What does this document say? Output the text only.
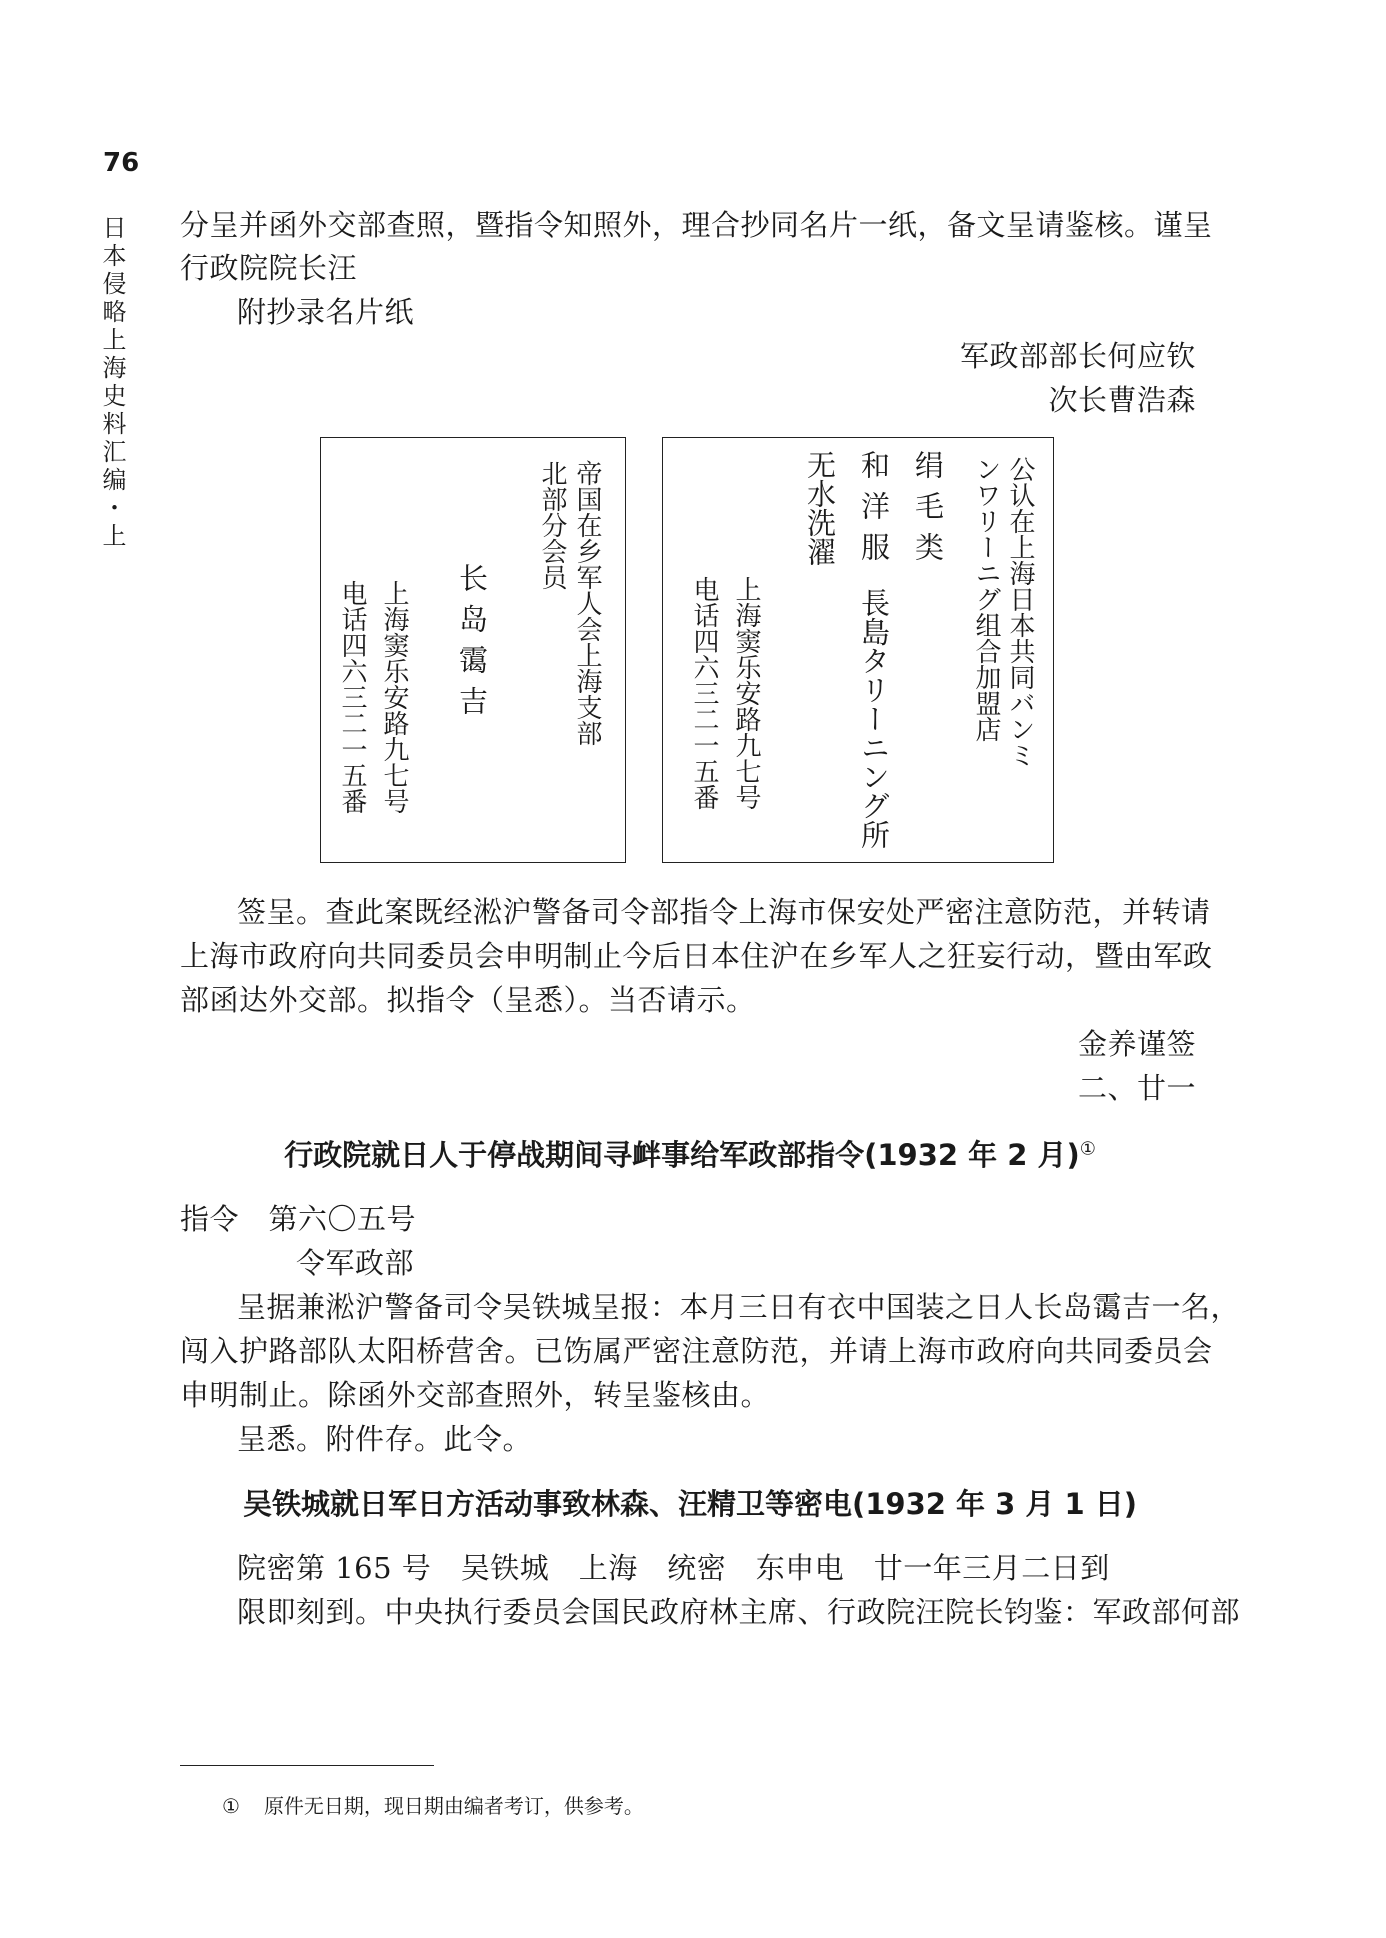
76
日本侵略上海史料汇编・上 分呈并函外交部查照，暨指令知照外，理合抄同名片一纸，备文呈请鉴核。谨呈
行政院院长汪
附抄录名片纸
军政部部长何应钦
次长曹浩森
帝国在乡军人会上海支部
北部分会员
长岛霭吉
上海窦乐安路九七号
电话四六三二一五番	公认在上海日本共同バンミ
ンワリーニグ组合加盟店
绢毛类
和洋服
長島タリーニング所
无水洗濯
上海窦乐安路九七号
电话四六三二一五番
签呈。查此案既经淞沪警备司令部指令上海市保安处严密注意防范，并转请
上海市政府向共同委员会申明制止今后日本住沪在乡军人之狂妄行动，暨由军政
部函达外交部。拟指令（呈悉）。当否请示。
金养谨签
二、廿一
行政院就日人于停战期间寻衅事给军政部指令(1932 年 2 月)①
指令　第六〇五号
令军政部
呈据兼淞沪警备司令吴铁城呈报：本月三日有衣中国装之日人长岛霭吉一名，
闯入护路部队太阳桥营舍。已饬属严密注意防范，并请上海市政府向共同委员会
申明制止。除函外交部查照外，转呈鉴核由。
呈悉。附件存。此令。
吴铁城就日军日方活动事致林森、汪精卫等密电(1932 年 3 月 1 日)
院密第 165 号　吴铁城　上海　统密　东申电　廿一年三月二日到
限即刻到。中央执行委员会国民政府林主席、行政院汪院长钧鉴：军政部何部
① 原件无日期，现日期由编者考订，供参考。
